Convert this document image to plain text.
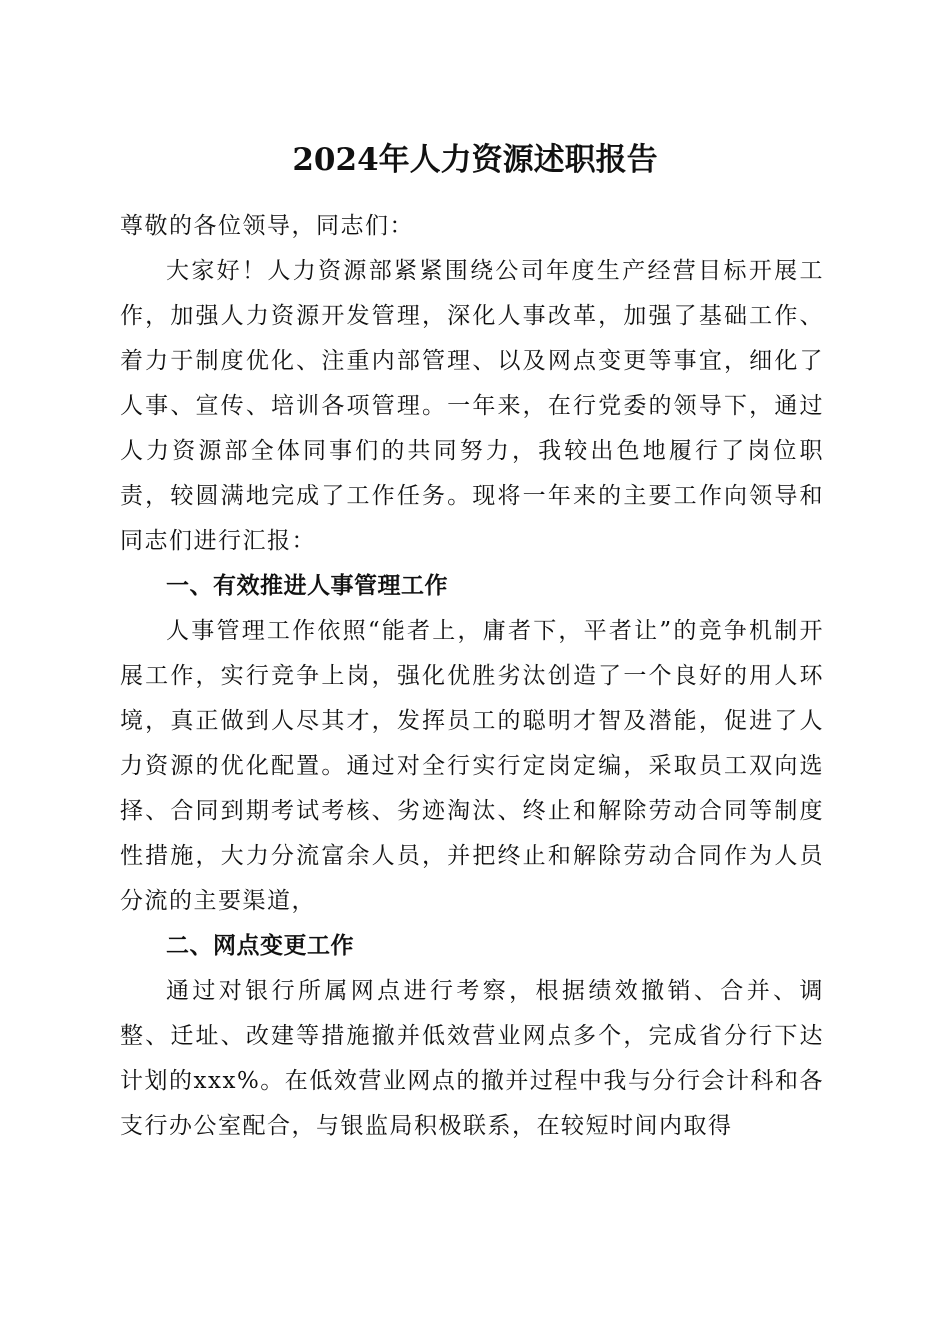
2024年人力资源述职报告

尊敬的各位领导，同志们：

大家好！人力资源部紧紧围绕公司年度生产经营目标开展工作，加强人力资源开发管理，深化人事改革，加强了基础工作、着力于制度优化、注重内部管理、以及网点变更等事宜，细化了人事、宣传、培训各项管理。一年来，在行党委的领导下，通过人力资源部全体同事们的共同努力，我较出色地履行了岗位职责，较圆满地完成了工作任务。现将一年来的主要工作向领导和同志们进行汇报：

一、有效推进人事管理工作

人事管理工作依照“能者上，庸者下，平者让”的竞争机制开展工作，实行竞争上岗，强化优胜劣汰创造了一个良好的用人环境，真正做到人尽其才，发挥员工的聪明才智及潜能，促进了人力资源的优化配置。通过对全行实行定岗定编，采取员工双向选择、合同到期考试考核、劣迹淘汰、终止和解除劳动合同等制度性措施，大力分流富余人员，并把终止和解除劳动合同作为人员分流的主要渠道，

二、网点变更工作

通过对银行所属网点进行考察，根据绩效撤销、合并、调整、迁址、改建等措施撤并低效营业网点多个，完成省分行下达计划的xxx%。在低效营业网点的撤并过程中我与分行会计科和各支行办公室配合，与银监局积极联系，在较短时间内取得
